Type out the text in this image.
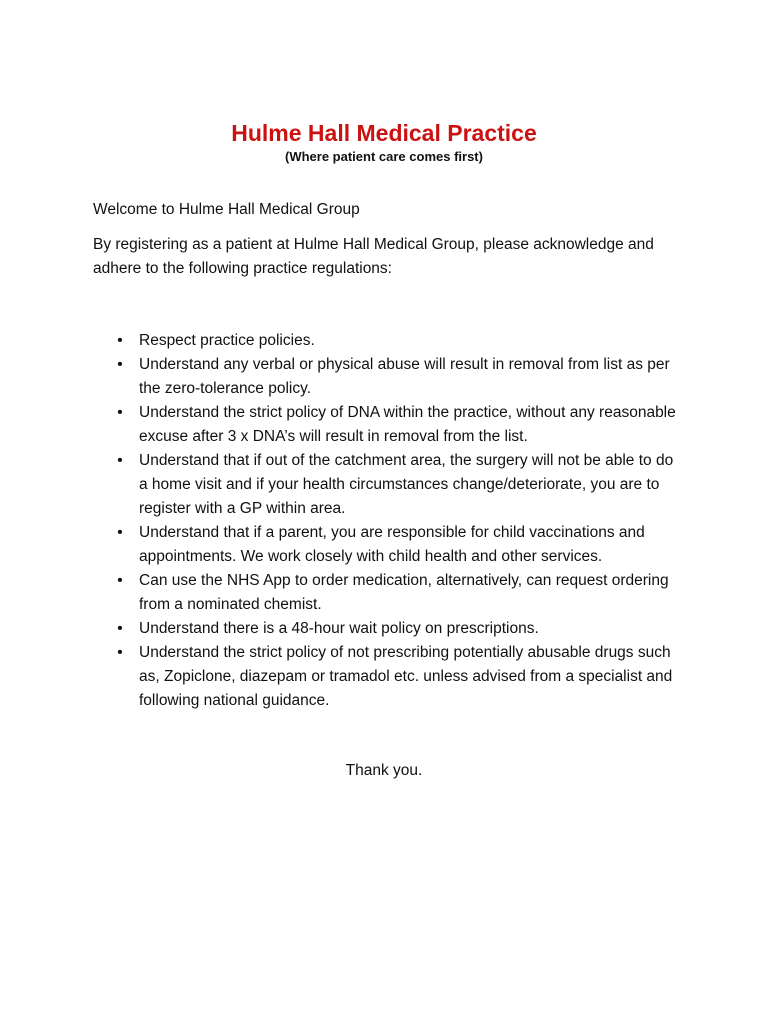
Hulme Hall Medical Practice
(Where patient care comes first)
Welcome to Hulme Hall Medical Group
By registering as a patient at Hulme Hall Medical Group, please acknowledge and adhere to the following practice regulations:
• Respect practice policies.
• Understand any verbal or physical abuse will result in removal from list as per the zero-tolerance policy.
• Understand the strict policy of DNA within the practice, without any reasonable excuse after 3 x DNA’s will result in removal from the list.
• Understand that if out of the catchment area, the surgery will not be able to do a home visit and if your health circumstances change/deteriorate, you are to register with a GP within area.
• Understand that if a parent, you are responsible for child vaccinations and appointments. We work closely with child health and other services.
• Can use the NHS App to order medication, alternatively, can request ordering from a nominated chemist.
• Understand there is a 48-hour wait policy on prescriptions.
• Understand the strict policy of not prescribing potentially abusable drugs such as, Zopiclone, diazepam or tramadol etc. unless advised from a specialist and following national guidance.
Thank you.
